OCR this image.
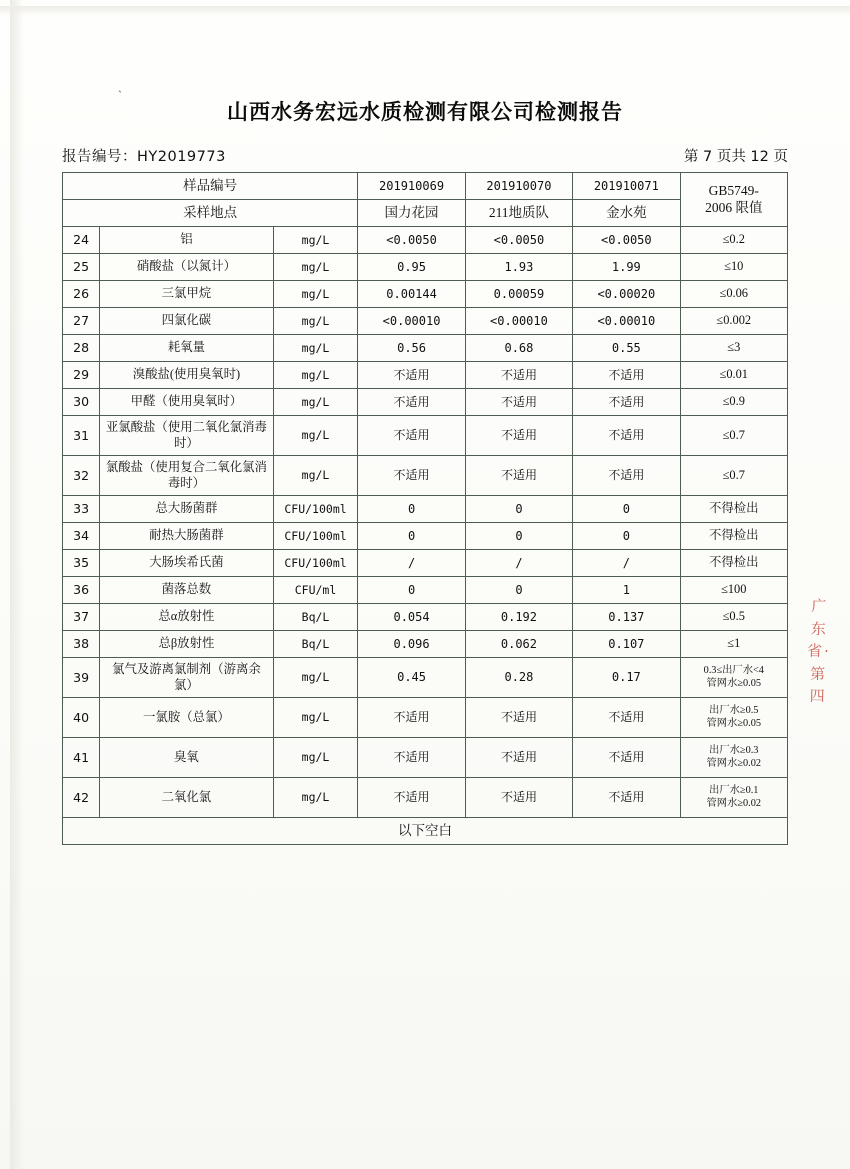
`
山西水务宏远水质检测有限公司检测报告
报告编号：HY2019773	第 7 页共 12 页
样品编号			201910069	201910070	201910071	GB5749-
2006 限值

采样地点			国力花园	211地质队	金水苑	
24	铝	mg/L	<0.0050	<0.0050	<0.0050	≤0.2
25	硝酸盐（以氮计）	mg/L	0.95	1.93	1.99	≤10
26	三氯甲烷	mg/L	0.00144	0.00059	<0.00020	≤0.06
27	四氯化碳	mg/L	<0.00010	<0.00010	<0.00010	≤0.002
28	耗氧量	mg/L	0.56	0.68	0.55	≤3
29	溴酸盐(使用臭氧时)	mg/L	不适用	不适用	不适用	≤0.01
30	甲醛（使用臭氧时）	mg/L	不适用	不适用	不适用	≤0.9
31	亚氯酸盐（使用二氧化氯消毒时）	mg/L	不适用	不适用	不适用	≤0.7
32	氯酸盐（使用复合二氧化氯消毒时）	mg/L	不适用	不适用	不适用	≤0.7
33	总大肠菌群	CFU/100ml	0	0	0	不得检出
34	耐热大肠菌群	CFU/100ml	0	0	0	不得检出
35	大肠埃希氏菌	CFU/100ml	/	/	/	不得检出
36	菌落总数	CFU/ml	0	0	1	≤100
37	总α放射性	Bq/L	0.054	0.192	0.137	≤0.5
38	总β放射性	Bq/L	0.096	0.062	0.107	≤1
39	氯气及游离氯制剂（游离余氯）	mg/L	0.45	0.28	0.17	0.3≤出厂水<4
管网水≥0.05

40	一氯胺（总氯）	mg/L	不适用	不适用	不适用	出厂水≥0.5
管网水≥0.05

41	臭氧	mg/L	不适用	不适用	不适用	出厂水≥0.3
管网水≥0.02

42	二氧化氯	mg/L	不适用	不适用	不适用	出厂水≥0.1
管网水≥0.02

以下空白						
广东省·第四
